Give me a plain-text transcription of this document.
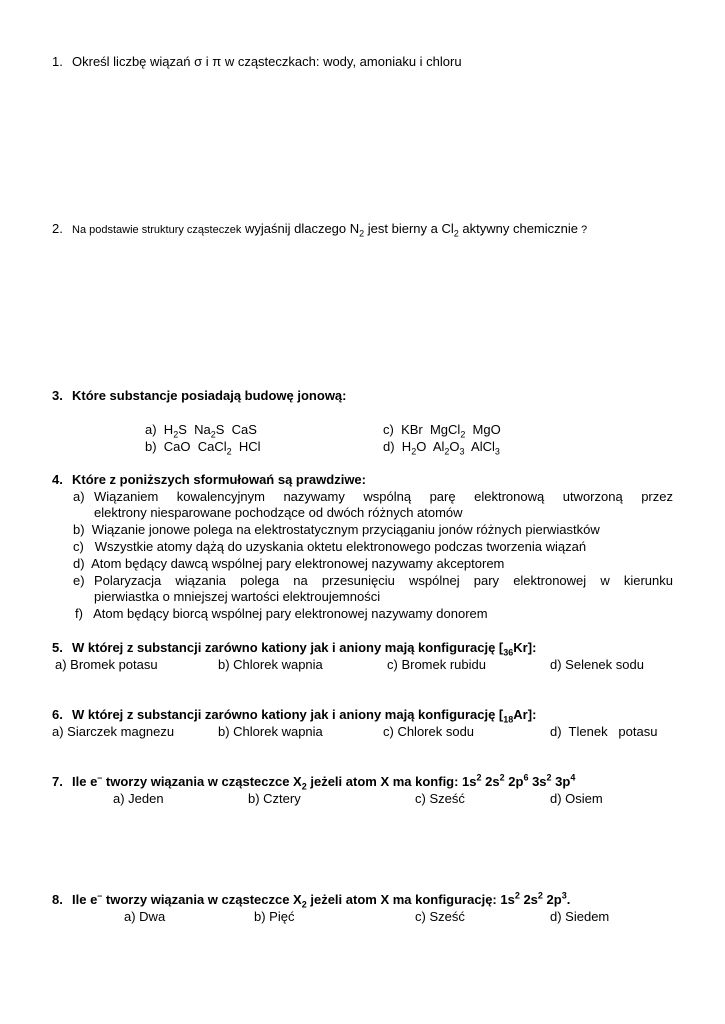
1. Określ liczbę wiązań σ i π w cząsteczkach: wody, amoniaku i chloru
2. Na podstawie struktury cząsteczek wyjaśnij dlaczego $N_2$ jest bierny a $Cl_2$ aktywny chemicznie ?
3. Które substancje posiadają budowę jonową:
a) $H_2S$  $Na_2S$  CaS
b) CaO  CaCl$_2$  HCl
c) KBr  MgCl$_2$  MgO
d) $H_2O$  $Al_2O_3$  AlCl$_3$
4. Które z poniższych sformułowań są prawdziwe:
a) Wiązaniem kowalencyjnym nazywamy wspólną parę elektronową utworzoną przez
elektrony niesparowane pochodzące od dwóch różnych atomów
b) Wiązanie jonowe polega na elektrostatycznym przyciąganiu jonów różnych pierwiastków
c) Wszystkie atomy dążą do uzyskania oktetu elektronowego podczas tworzenia wiązań
d) Atom będący dawcą wspólnej pary elektronowej nazywamy akceptorem
e) Polaryzacja wiązania polega na przesunięciu wspólnej pary elektronowej w kierunku
pierwiastka o mniejszej wartości elektroujemności
f) Atom będący biorcą wspólnej pary elektronowej nazywamy donorem
5. W której z substancji zarówno kationy jak i aniony mają konfigurację $[_{36}Kr]$:
a) Bromek potasu	b) Chlorek wapnia	c) Bromek rubidu	d) Selenek sodu
6. W której z substancji zarówno kationy jak i aniony mają konfigurację $[_{18}Ar]$:
a) Siarczek magnezu	b) Chlorek wapnia	c) Chlorek sodu	d)  Tlenek   potasu
7. Ile e– tworzy wiązania w cząsteczce $X_2$ jeżeli atom X ma konfig: $1s^2$ $2s^2$ $2p^6$ $3s^2$ $3p^4$
a) Jeden	b) Cztery	c) Sześć	d) Osiem
8. Ile e– tworzy wiązania w cząsteczce $X_2$ jeżeli atom X ma konfigurację: $1s^2$ $2s^2$ $2p^3$.
a) Dwa	b) Pięć	c) Sześć	d) Siedem
